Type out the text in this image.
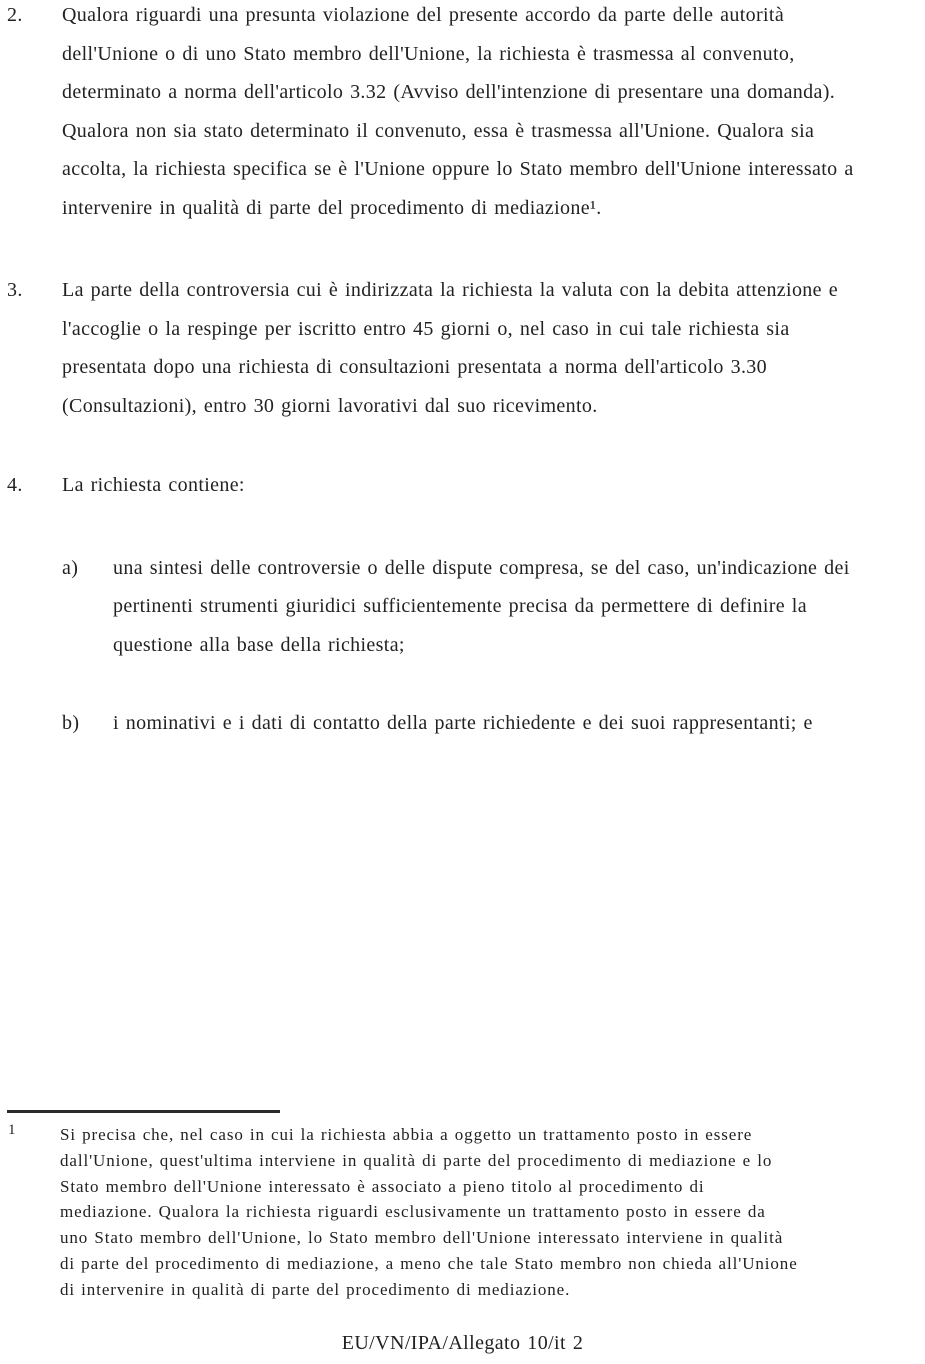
2.	Qualora riguardi una presunta violazione del presente accordo da parte delle autorità
dell'Unione o di uno Stato membro dell'Unione, la richiesta è trasmessa al convenuto,
determinato a norma dell'articolo 3.32 (Avviso dell'intenzione di presentare una domanda).
Qualora non sia stato determinato il convenuto, essa è trasmessa all'Unione. Qualora sia
accolta, la richiesta specifica se è l'Unione oppure lo Stato membro dell'Unione interessato a
intervenire in qualità di parte del procedimento di mediazione¹.
3.	La parte della controversia cui è indirizzata la richiesta la valuta con la debita attenzione e
l'accoglie o la respinge per iscritto entro 45 giorni o, nel caso in cui tale richiesta sia
presentata dopo una richiesta di consultazioni presentata a norma dell'articolo 3.30
(Consultazioni), entro 30 giorni lavorativi dal suo ricevimento.
4.	La richiesta contiene:
a)	una sintesi delle controversie o delle dispute compresa, se del caso, un'indicazione dei
pertinenti strumenti giuridici sufficientemente precisa da permettere di definire la
questione alla base della richiesta;
b)	i nominativi e i dati di contatto della parte richiedente e dei suoi rappresentanti; e
1	Si precisa che, nel caso in cui la richiesta abbia a oggetto un trattamento posto in essere
dall'Unione, quest'ultima interviene in qualità di parte del procedimento di mediazione e lo
Stato membro dell'Unione interessato è associato a pieno titolo al procedimento di
mediazione. Qualora la richiesta riguardi esclusivamente un trattamento posto in essere da
uno Stato membro dell'Unione, lo Stato membro dell'Unione interessato interviene in qualità
di parte del procedimento di mediazione, a meno che tale Stato membro non chieda all'Unione
di intervenire in qualità di parte del procedimento di mediazione.
EU/VN/IPA/Allegato 10/it 2
